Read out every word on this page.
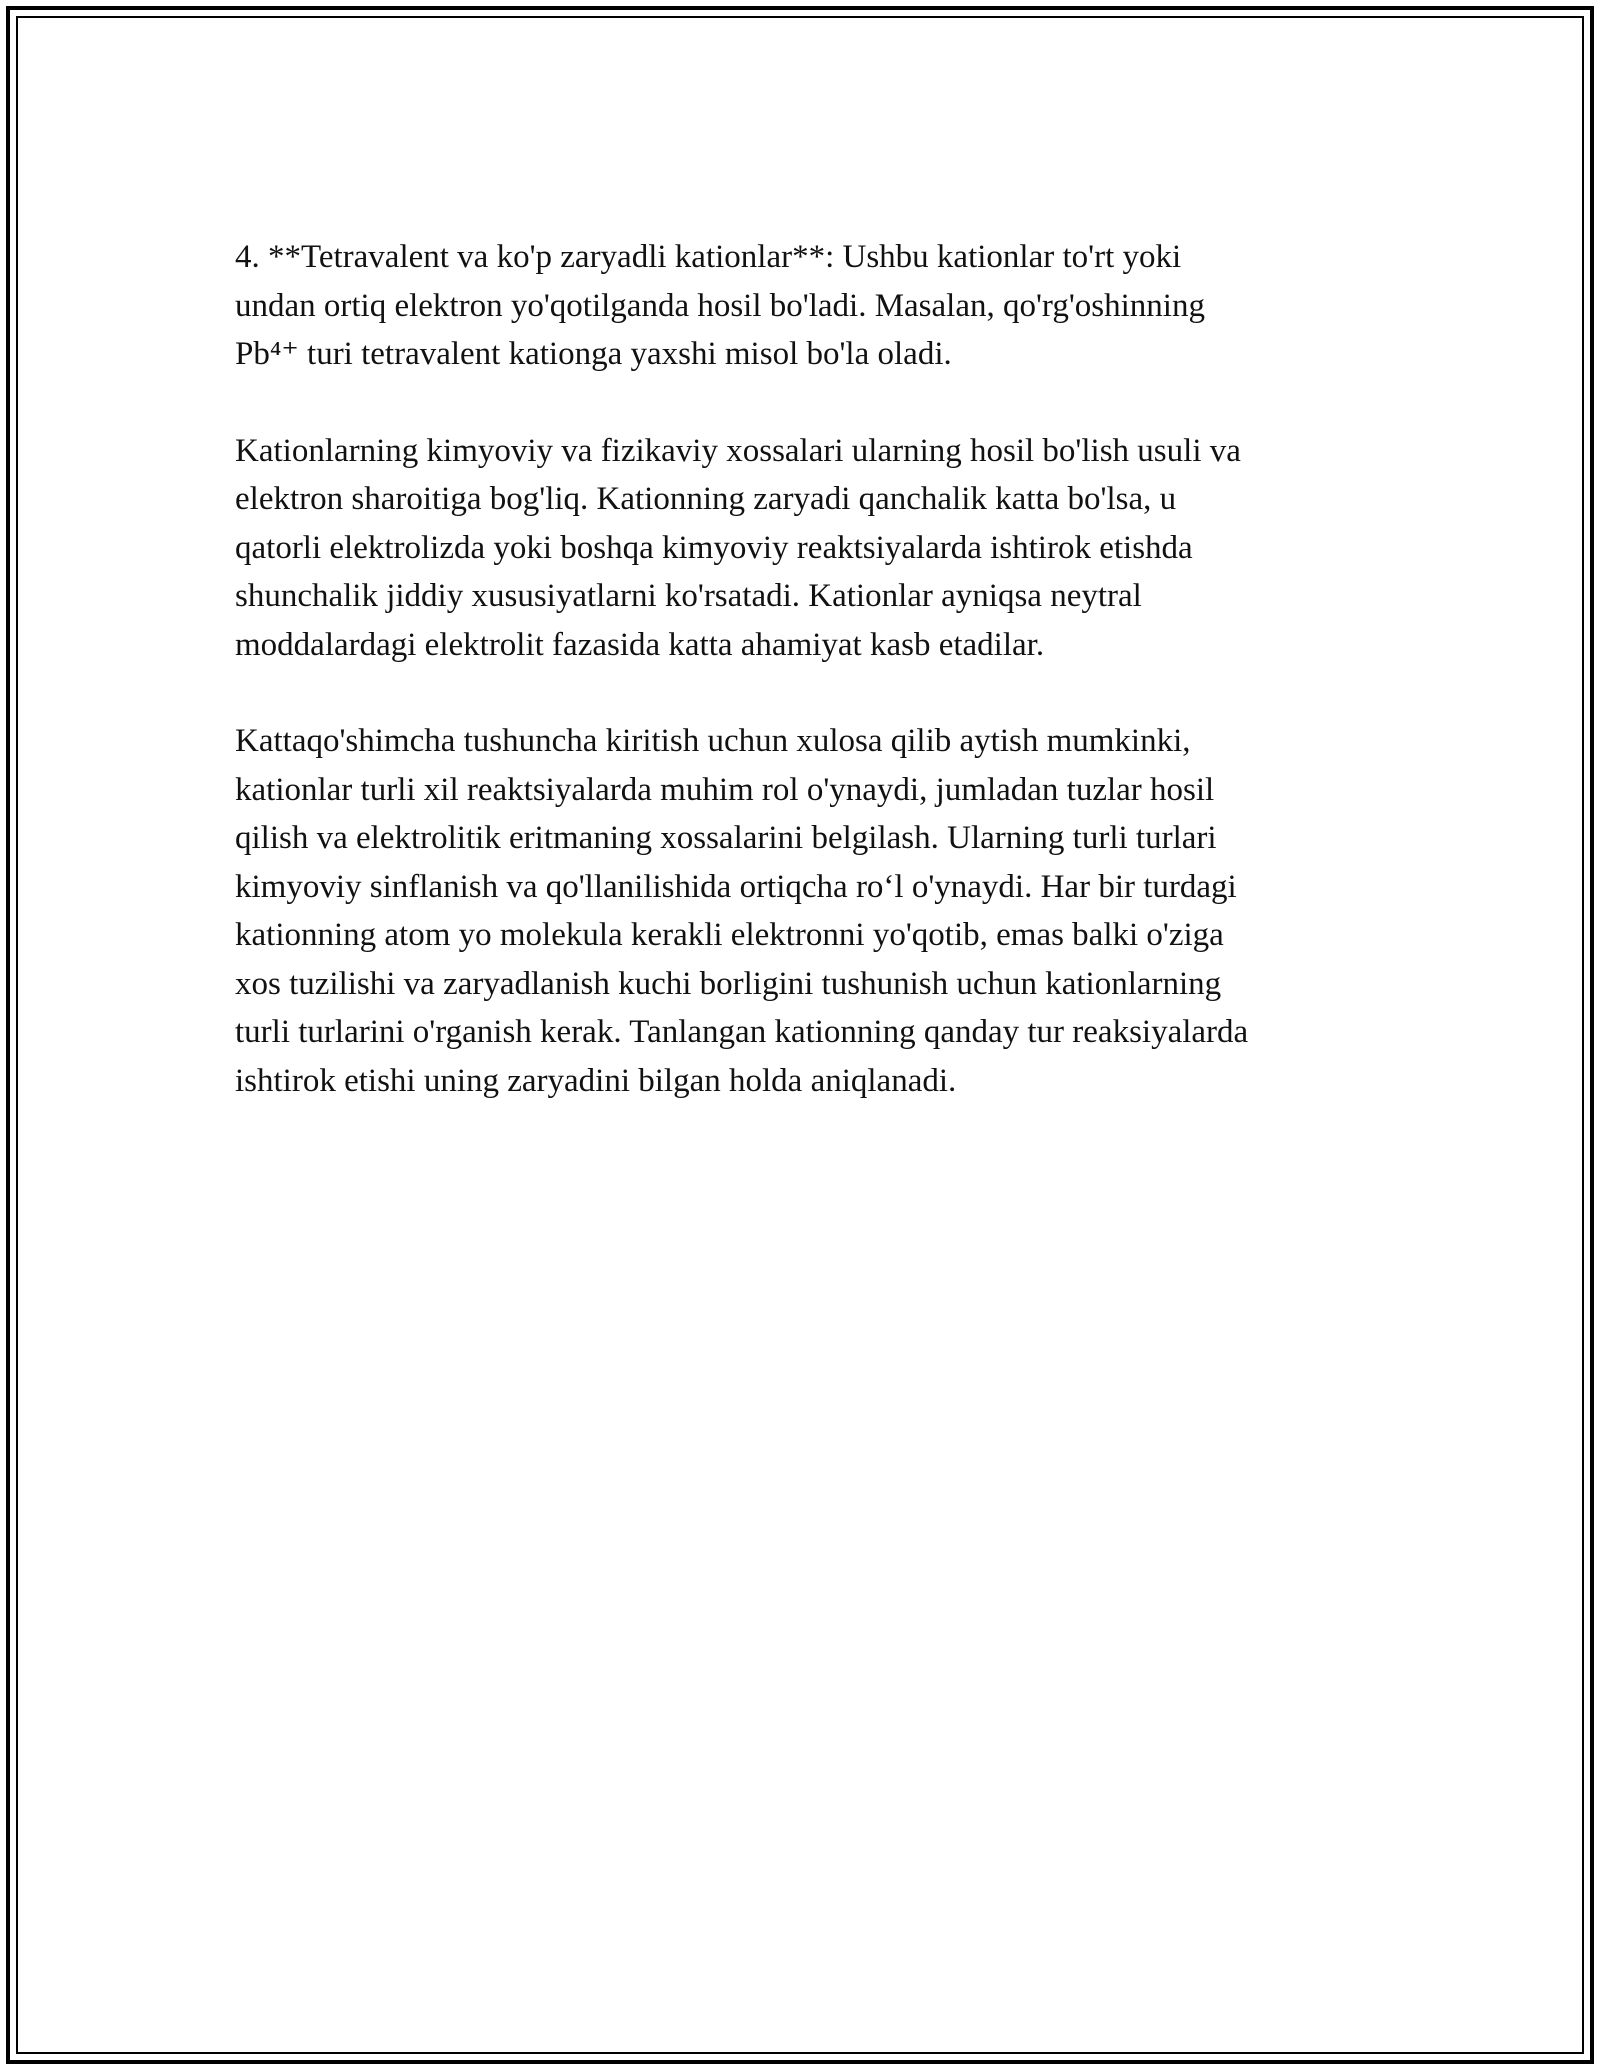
4. **Tetravalent va ko'p zaryadli kationlar**: Ushbu kationlar to'rt yoki
undan ortiq elektron yo'qotilganda hosil bo'ladi. Masalan, qo'rg'oshinning
Pb⁴⁺ turi tetravalent kationga yaxshi misol bo'la oladi.

Kationlarning kimyoviy va fizikaviy xossalari ularning hosil bo'lish usuli va
elektron sharoitiga bog'liq. Kationning zaryadi qanchalik katta bo'lsa, u
qatorli elektrolizda yoki boshqa kimyoviy reaktsiyalarda ishtirok etishda
shunchalik jiddiy xususiyatlarni ko'rsatadi. Kationlar ayniqsa neytral
moddalardagi elektrolit fazasida katta ahamiyat kasb etadilar.

Kattaqo'shimcha tushuncha kiritish uchun xulosa qilib aytish mumkinki,
kationlar turli xil reaktsiyalarda muhim rol o'ynaydi, jumladan tuzlar hosil
qilish va elektrolitik eritmaning xossalarini belgilash. Ularning turli turlari
kimyoviy sinflanish va qo'llanilishida ortiqcha ro‘l o'ynaydi. Har bir turdagi
kationning atom yo molekula kerakli elektronni yo'qotib, emas balki o'ziga
xos tuzilishi va zaryadlanish kuchi borligini tushunish uchun kationlarning
turli turlarini o'rganish kerak. Tanlangan kationning qanday tur reaksiyalarda
ishtirok etishi uning zaryadini bilgan holda aniqlanadi.
